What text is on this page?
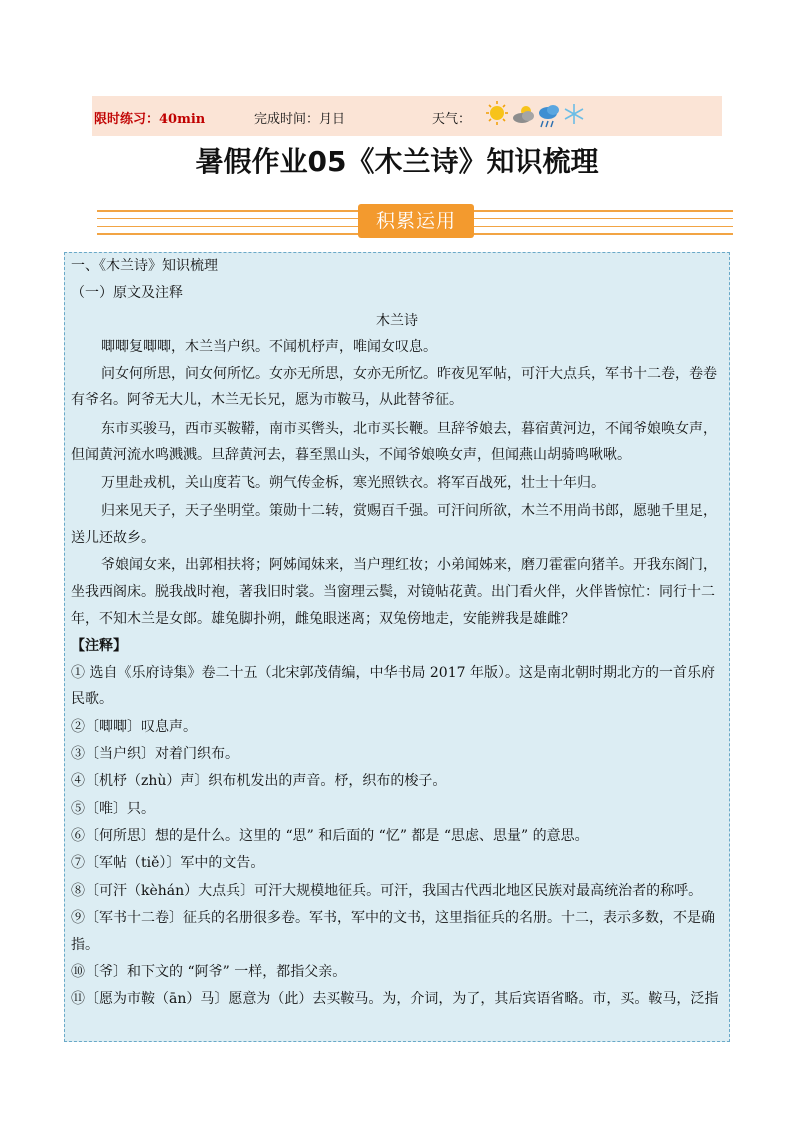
限时练习：40min	完成时间：月日	天气：
暑假作业05《木兰诗》知识梳理
积累运用
一、《木兰诗》知识梳理
（一）原文及注释
木兰诗
唧唧复唧唧，木兰当户织。不闻机杼声，唯闻女叹息。
问女何所思，问女何所忆。女亦无所思，女亦无所忆。昨夜见军帖，可汗大点兵，军书十二卷，卷卷
有爷名。阿爷无大儿，木兰无长兄，愿为市鞍马，从此替爷征。
东市买骏马，西市买鞍鞯，南市买辔头，北市买长鞭。旦辞爷娘去，暮宿黄河边，不闻爷娘唤女声，
但闻黄河流水鸣溅溅。旦辞黄河去，暮至黑山头，不闻爷娘唤女声，但闻燕山胡骑鸣啾啾。
万里赴戎机，关山度若飞。朔气传金柝，寒光照铁衣。将军百战死，壮士十年归。
归来见天子，天子坐明堂。策勋十二转，赏赐百千强。可汗问所欲，木兰不用尚书郎，愿驰千里足，
送儿还故乡。
爷娘闻女来，出郭相扶将；阿姊闻妹来，当户理红妆；小弟闻姊来，磨刀霍霍向猪羊。开我东阁门，
坐我西阁床。脱我战时袍，著我旧时裳。当窗理云鬓，对镜帖花黄。出门看火伴，火伴皆惊忙：同行十二
年，不知木兰是女郎。雄兔脚扑朔，雌兔眼迷离；双兔傍地走，安能辨我是雄雌？
【注释】
① 选自《乐府诗集》卷二十五（北宋郭茂倩编，中华书局 2017 年版）。这是南北朝时期北方的一首乐府
民歌。
②〔唧唧〕叹息声。
③〔当户织〕对着门织布。
④〔机杼（zhù）声〕织布机发出的声音。杼，织布的梭子。
⑤〔唯〕只。
⑥〔何所思〕想的是什么。这里的 “思” 和后面的 “忆” 都是 “思虑、思量” 的意思。
⑦〔军帖（tiě）〕军中的文告。
⑧〔可汗（kèhán）大点兵〕可汗大规模地征兵。可汗，我国古代西北地区民族对最高统治者的称呼。
⑨〔军书十二卷〕征兵的名册很多卷。军书，军中的文书，这里指征兵的名册。十二，表示多数，不是确
指。
⑩〔爷〕和下文的 “阿爷” 一样，都指父亲。
⑪〔愿为市鞍（ān）马〕愿意为（此）去买鞍马。为，介词，为了，其后宾语省略。市，买。鞍马，泛指
